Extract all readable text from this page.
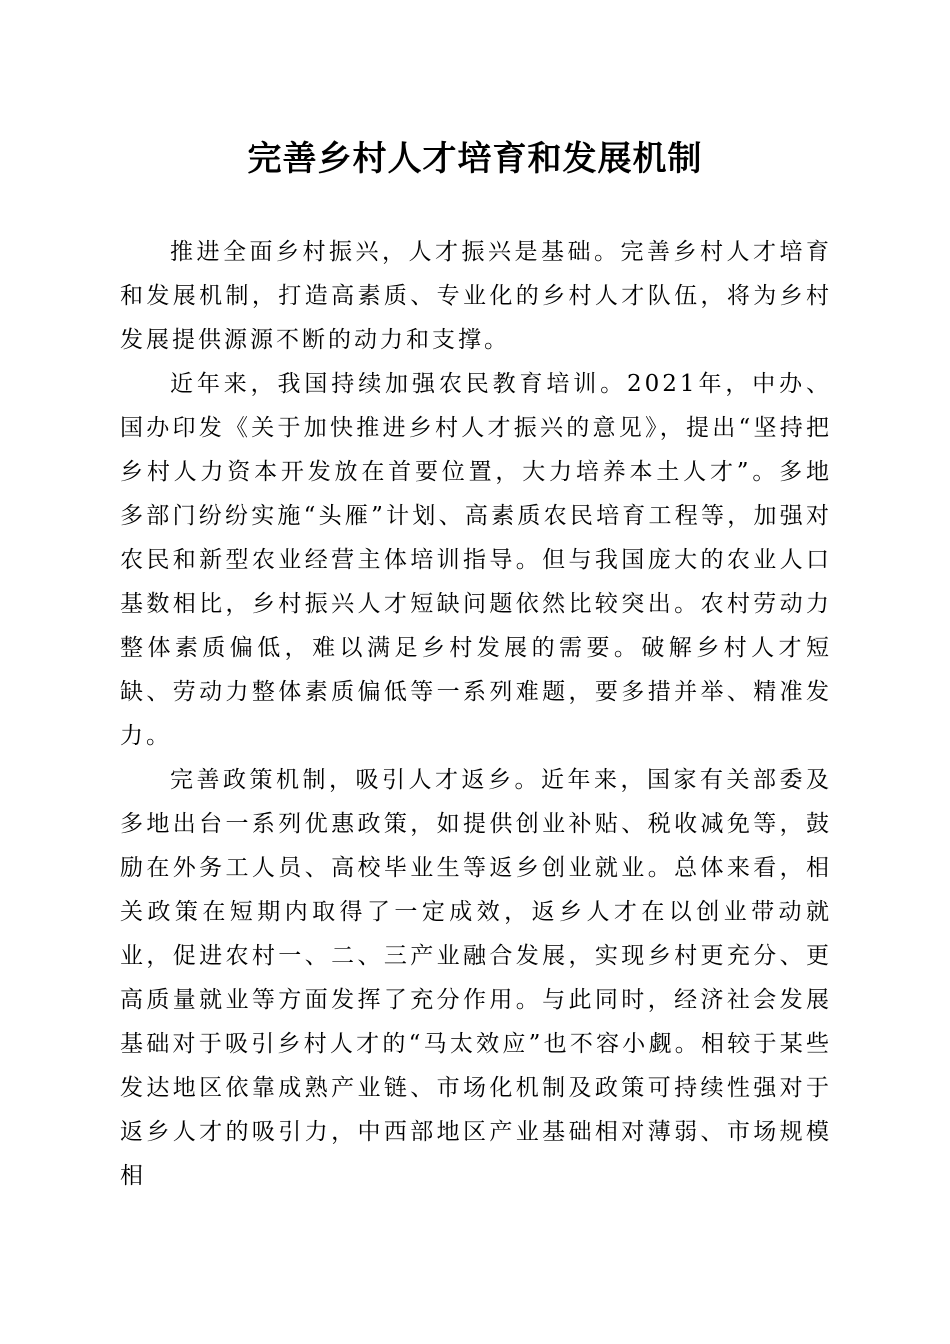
完善乡村人才培育和发展机制

推进全面乡村振兴，人才振兴是基础。完善乡村人才培育和发展机制，打造高素质、专业化的乡村人才队伍，将为乡村发展提供源源不断的动力和支撑。

近年来，我国持续加强农民教育培训。2021年，中办、国办印发《关于加快推进乡村人才振兴的意见》，提出“坚持把乡村人力资本开发放在首要位置，大力培养本土人才”。多地多部门纷纷实施“头雁”计划、高素质农民培育工程等，加强对农民和新型农业经营主体培训指导。但与我国庞大的农业人口基数相比，乡村振兴人才短缺问题依然比较突出。农村劳动力整体素质偏低，难以满足乡村发展的需要。破解乡村人才短缺、劳动力整体素质偏低等一系列难题，要多措并举、精准发力。

完善政策机制，吸引人才返乡。近年来，国家有关部委及多地出台一系列优惠政策，如提供创业补贴、税收减免等，鼓励在外务工人员、高校毕业生等返乡创业就业。总体来看，相关政策在短期内取得了一定成效，返乡人才在以创业带动就业，促进农村一、二、三产业融合发展，实现乡村更充分、更高质量就业等方面发挥了充分作用。与此同时，经济社会发展基础对于吸引乡村人才的“马太效应”也不容小觑。相较于某些发达地区依靠成熟产业链、市场化机制及政策可持续性强对于返乡人才的吸引力，中西部地区产业基础相对薄弱、市场规模相
